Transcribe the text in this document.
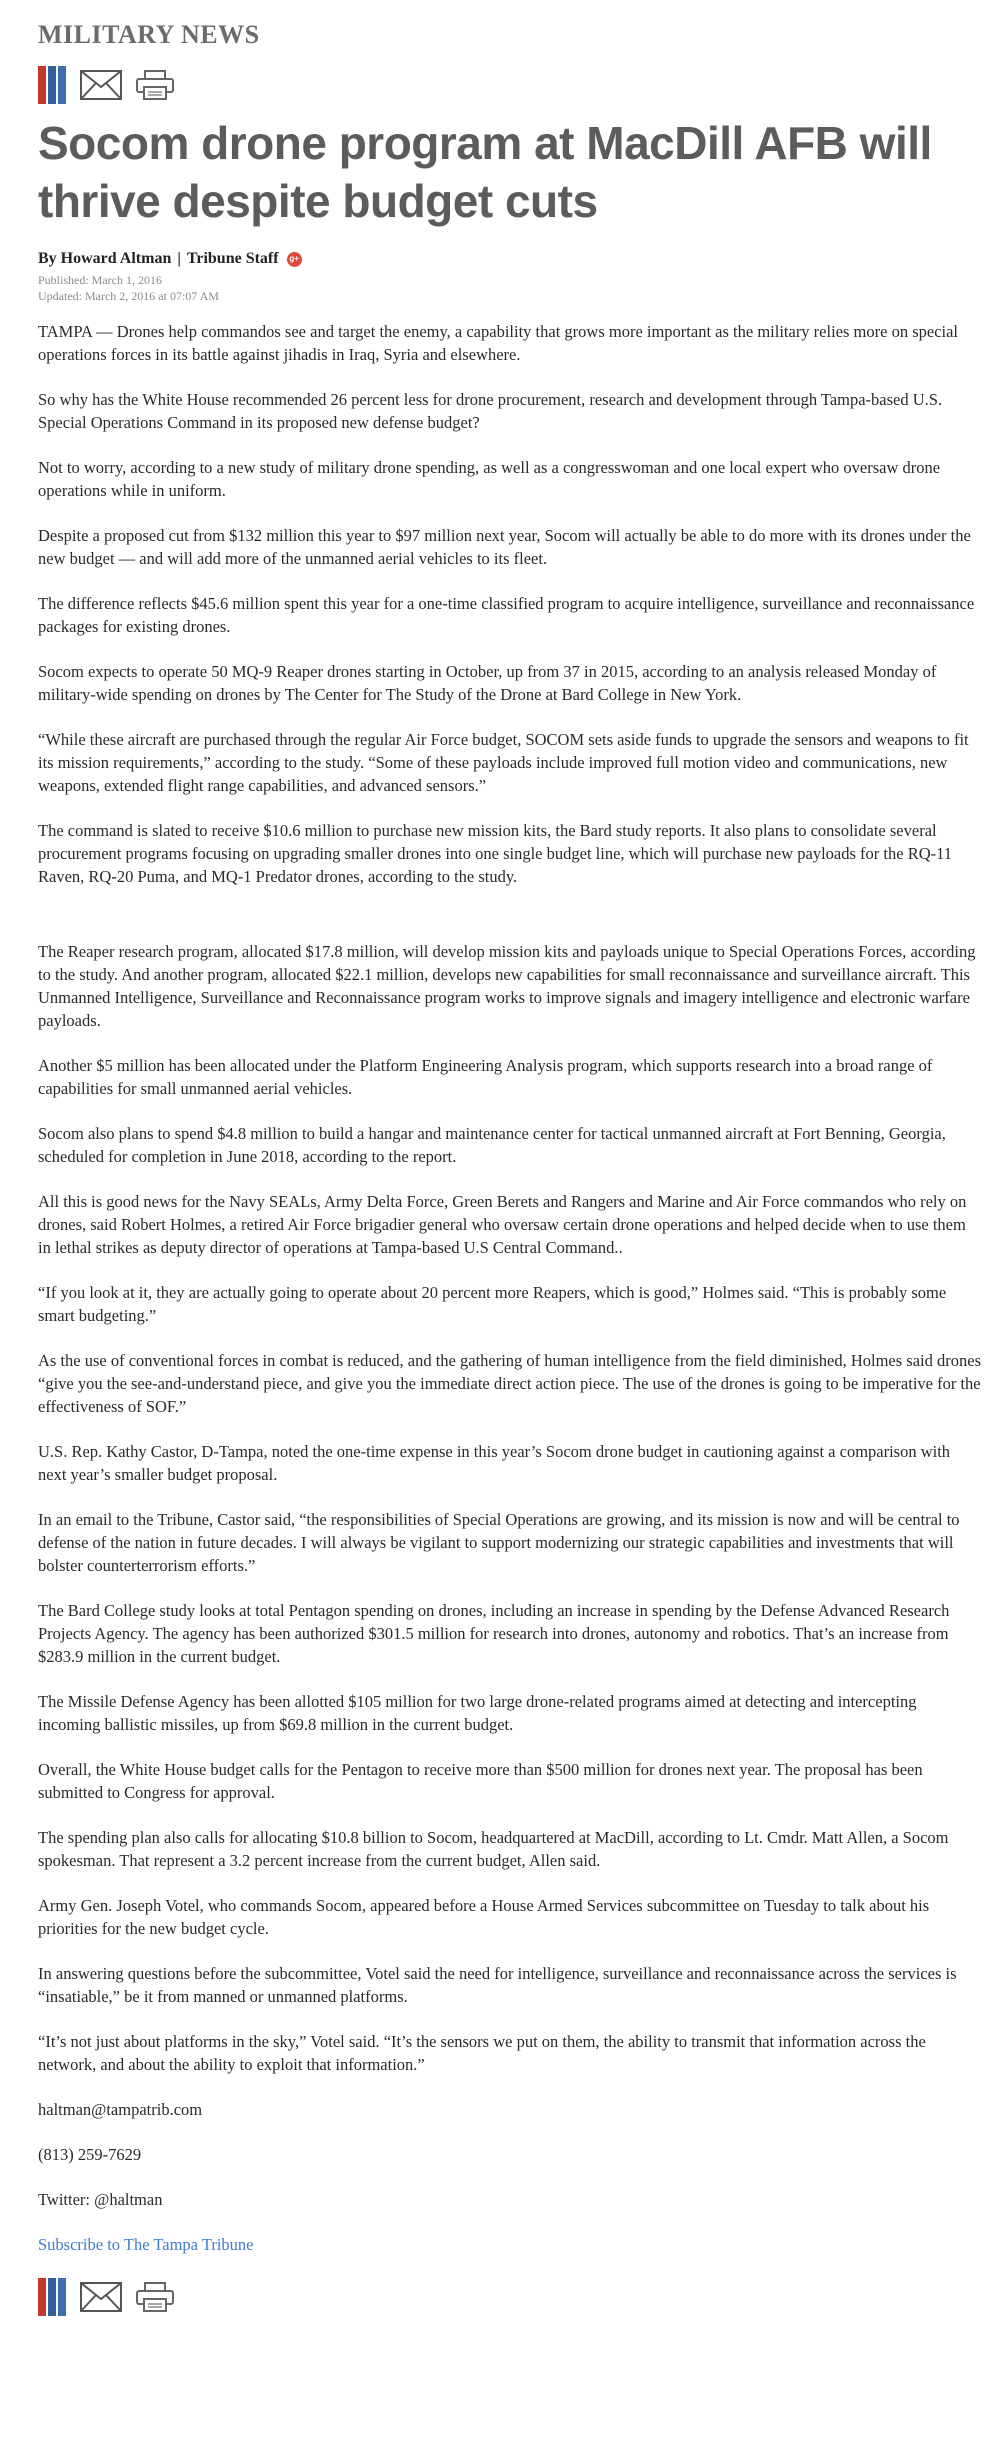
MILITARY NEWS
Socom drone program at MacDill AFB will thrive despite budget cuts
By Howard Altman | Tribune Staff	g+
Published: March 1, 2016
Updated: March 2, 2016 at 07:07 AM

TAMPA — Drones help commandos see and target the enemy, a capability that grows more important as the military relies more on special operations forces in its battle against jihadis in Iraq, Syria and elsewhere.

So why has the White House recommended 26 percent less for drone procurement, research and development through Tampa-based U.S. Special Operations Command in its proposed new defense budget?

Not to worry, according to a new study of military drone spending, as well as a congresswoman and one local expert who oversaw drone operations while in uniform.

Despite a proposed cut from $132 million this year to $97 million next year, Socom will actually be able to do more with its drones under the new budget — and will add more of the unmanned aerial vehicles to its fleet.

The difference reflects $45.6 million spent this year for a one-time classified program to acquire intelligence, surveillance and reconnaissance packages for existing drones.

Socom expects to operate 50 MQ-9 Reaper drones starting in October, up from 37 in 2015, according to an analysis released Monday of military-wide spending on drones by The Center for The Study of the Drone at Bard College in New York.

“While these aircraft are purchased through the regular Air Force budget, SOCOM sets aside funds to upgrade the sensors and weapons to fit its mission requirements,” according to the study. “Some of these payloads include improved full motion video and communications, new weapons, extended flight range capabilities, and advanced sensors.”

The command is slated to receive $10.6 million to purchase new mission kits, the Bard study reports. It also plans to consolidate several procurement programs focusing on upgrading smaller drones into one single budget line, which will purchase new payloads for the RQ-11 Raven, RQ-20 Puma, and MQ-1 Predator drones, according to the study.

The Reaper research program, allocated $17.8 million, will develop mission kits and payloads unique to Special Operations Forces, according to the study. And another program, allocated $22.1 million, develops new capabilities for small reconnaissance and surveillance aircraft. This Unmanned Intelligence, Surveillance and Reconnaissance program works to improve signals and imagery intelligence and electronic warfare payloads.

Another $5 million has been allocated under the Platform Engineering Analysis program, which supports research into a broad range of capabilities for small unmanned aerial vehicles.

Socom also plans to spend $4.8 million to build a hangar and maintenance center for tactical unmanned aircraft at Fort Benning, Georgia, scheduled for completion in June 2018, according to the report.

All this is good news for the Navy SEALs, Army Delta Force, Green Berets and Rangers and Marine and Air Force commandos who rely on drones, said Robert Holmes, a retired Air Force brigadier general who oversaw certain drone operations and helped decide when to use them in lethal strikes as deputy director of operations at Tampa-based U.S Central Command..

“If you look at it, they are actually going to operate about 20 percent more Reapers, which is good,” Holmes said. “This is probably some smart budgeting.”

As the use of conventional forces in combat is reduced, and the gathering of human intelligence from the field diminished, Holmes said drones “give you the see-and-understand piece, and give you the immediate direct action piece. The use of the drones is going to be imperative for the effectiveness of SOF.”

U.S. Rep. Kathy Castor, D-Tampa, noted the one-time expense in this year’s Socom drone budget in cautioning against a comparison with next year’s smaller budget proposal.

In an email to the Tribune, Castor said, “the responsibilities of Special Operations are growing, and its mission is now and will be central to defense of the nation in future decades. I will always be vigilant to support modernizing our strategic capabilities and investments that will bolster counterterrorism efforts.”

The Bard College study looks at total Pentagon spending on drones, including an increase in spending by the Defense Advanced Research Projects Agency. The agency has been authorized $301.5 million for research into drones, autonomy and robotics. That’s an increase from $283.9 million in the current budget.

The Missile Defense Agency has been allotted $105 million for two large drone-related programs aimed at detecting and intercepting incoming ballistic missiles, up from $69.8 million in the current budget.

Overall, the White House budget calls for the Pentagon to receive more than $500 million for drones next year. The proposal has been submitted to Congress for approval.

The spending plan also calls for allocating $10.8 billion to Socom, headquartered at MacDill, according to Lt. Cmdr. Matt Allen, a Socom spokesman. That represent a 3.2 percent increase from the current budget, Allen said.

Army Gen. Joseph Votel, who commands Socom, appeared before a House Armed Services subcommittee on Tuesday to talk about his priorities for the new budget cycle.

In answering questions before the subcommittee, Votel said the need for intelligence, surveillance and reconnaissance across the services is “insatiable,” be it from manned or unmanned platforms.

“It’s not just about platforms in the sky,” Votel said. “It’s the sensors we put on them, the ability to transmit that information across the network, and about the ability to exploit that information.”

haltman@tampatrib.com
(813) 259-7629
Twitter: @haltman
Subscribe to The Tampa Tribune
